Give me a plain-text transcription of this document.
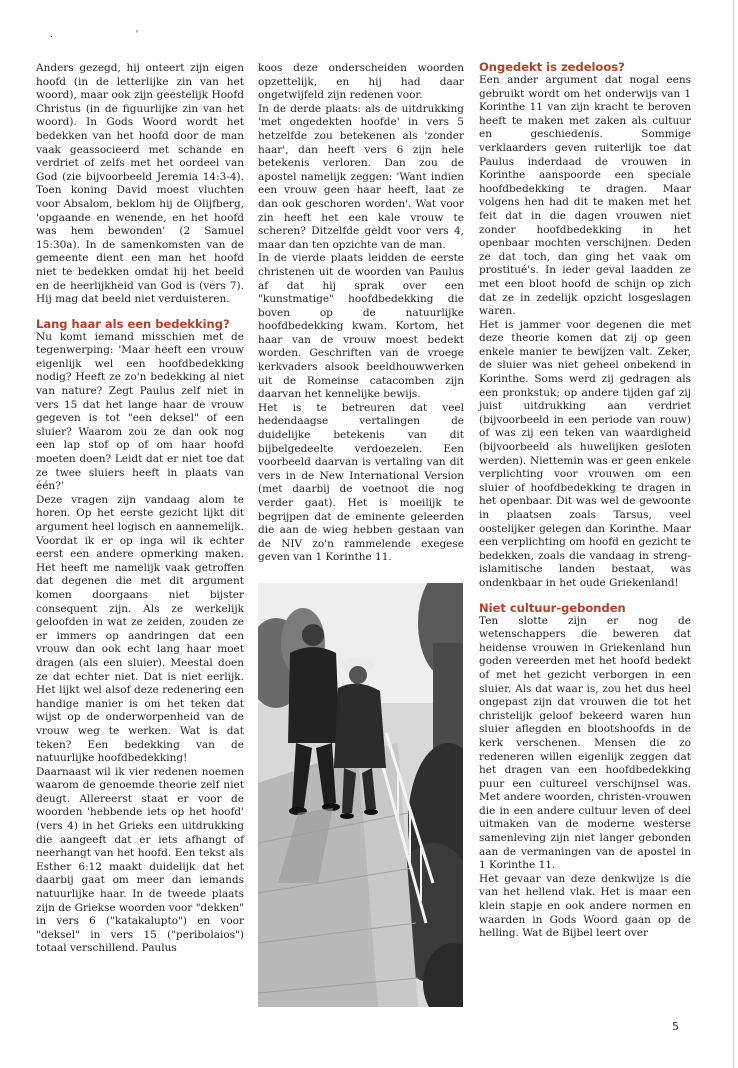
. '

Anders gezegd, hij onteert zijn eigen hoofd (in de letterlijke zin van het woord), maar ook zijn geestelijk Hoofd Christus (in de figuurlijke zin van het woord). In Gods Woord wordt het bedekken van het hoofd door de man vaak geassocieerd met schande en verdriet of zelfs met het oordeel van God (zie bijvoorbeeld Jeremia 14:3-4). Toen koning David moest vluchten voor Absalom, beklom hij de Olijfberg, 'opgaande en wenende, en het hoofd was hem bewonden' (2 Samuel 15:30a). In de samenkomsten van de gemeente dient een man het hoofd niet te bedekken omdat hij het beeld en de heerlijkheid van God is (vers 7). Hij mag dat beeld niet verduisteren.

Lang haar als een bedekking?

Nu komt iemand misschien met de tegenwerping: 'Maar heeft een vrouw eigenlijk wel een hoofdbedekking nodig? Heeft ze zo'n bedekking al niet van nature? Zegt Paulus zelf niet in vers 15 dat het lange haar de vrouw gegeven is tot "een deksel" of een sluier? Waarom zou ze dan ook nog een lap stof op of om haar hoofd moeten doen? Leidt dat er niet toe dat ze twee sluiers heeft in plaats van één?'

Deze vragen zijn vandaag alom te horen. Op het eerste gezicht lijkt dit argument heel logisch en aannemelijk. Voordat ik er op inga wil ik echter eerst een andere opmerking maken. Het heeft me namelijk vaak getroffen dat degenen die met dit argument komen doorgaans niet bijster consequent zijn. Als ze werkelijk geloofden in wat ze zeiden, zouden ze er immers op aandringen dat een vrouw dan ook echt lang haar moet dragen (als een sluier). Meestal doen ze dat echter niet. Dat is niet eerlijk. Het lijkt wel alsof deze redenering een handige manier is om het teken dat wijst op de onderworpenheid van de vrouw weg te werken. Wat is dat teken? Een bedekking van de natuurlijke hoofdbedekking!

Daarnaast wil ik vier redenen noemen waarom de genoemde theorie zelf niet deugt. Allereerst staat er voor de woorden 'hebbende iets op het hoofd' (vers 4) in het Grieks een uitdrukking die aangeeft dat er iets afhangt of neerhangt van het hoofd. Een tekst als Esther 6:12 maakt duidelijk dat het daarbij gaat om meer dan iemands natuurlijke haar. In de tweede plaats zijn de Griekse woorden voor "dekken" in vers 6 ("katakalupto") en voor "deksel" in vers 15 ("peribolaios") totaal verschillend. Paulus

koos deze onderscheiden woorden opzettelijk, en hij had daar ongetwijfeld zijn redenen voor.

In de derde plaats: als de uitdrukking 'met ongedekten hoofde' in vers 5 hetzelfde zou betekenen als 'zonder haar', dan heeft vers 6 zijn hele betekenis verloren. Dan zou de apostel namelijk zeggen: 'Want indien een vrouw geen haar heeft, laat ze dan ook geschoren worden'. Wat voor zin heeft het een kale vrouw te scheren? Ditzelfde geldt voor vers 4, maar dan ten opzichte van de man.

In de vierde plaats leidden de eerste christenen uit de woorden van Paulus af dat hij sprak over een "kunstmatige" hoofdbedekking die boven op de natuurlijke hoofdbedekking kwam. Kortom, het haar van de vrouw moest bedekt worden. Geschriften van de vroege kerkvaders alsook beeldhouwwerken uit de Romeinse catacomben zijn daarvan het kennelijke bewijs.

Het is te betreuren dat veel hedendaagse vertalingen de duidelijke betekenis van dit bijbelgedeelte verdoezelen. Een voorbeeld daarvan is vertaling van dit vers in de New International Version (met daarbij de voetnoot die nog verder gaat). Het is moeilijk te begrijpen dat de eminente geleerden die aan de wieg hebben gestaan van de NIV zo'n rammelende exegese geven van 1 Korinthe 11.

Ongedekt is zedeloos?

Een ander argument dat nogal eens gebruikt wordt om het onderwijs van 1 Korinthe 11 van zijn kracht te beroven heeft te maken met zaken als cultuur en geschiedenis. Sommige verklaarders geven ruiterlijk toe dat Paulus inderdaad de vrouwen in Korinthe aanspoorde een speciale hoofdbedekking te dragen. Maar volgens hen had dit te maken met het feit dat in die dagen vrouwen niet zonder hoofdbedekking in het openbaar mochten verschijnen. Deden ze dat toch, dan ging het vaak om prostitué's. In ieder geval laadden ze met een bloot hoofd de schijn op zich dat ze in zedelijk opzicht losgeslagen waren.

Het is jammer voor degenen die met deze theorie komen dat zij op geen enkele manier te bewijzen valt. Zeker, de sluier was niet geheel onbekend in Korinthe. Soms werd zij gedragen als een pronkstuk; op andere tijden gaf zij juist uitdrukking aan verdriet (bijvoorbeeld in een periode van rouw) of was zij een teken van waardigheid (bijvoorbeeld als huwelijken gesloten werden). Niettemin was er geen enkele verplichting voor vrouwen om een sluier of hoofdbedekking te dragen in het openbaar. Dit was wel de gewoonte in plaatsen zoals Tarsus, veel oostelijker gelegen dan Korinthe. Maar een verplichting om hoofd en gezicht te bedekken, zoals die vandaag in streng-islamitische landen bestaat, was ondenkbaar in het oude Griekenland!

Niet cultuur-gebonden

Ten slotte zijn er nog de wetenschappers die beweren dat heidense vrouwen in Griekenland hun goden vereerden met het hoofd bedekt of met het gezicht verborgen in een sluier. Als dat waar is, zou het dus heel ongepast zijn dat vrouwen die tot het christelijk geloof bekeerd waren hun sluier aflegden en blootshoofds in de kerk verschenen. Mensen die zo redeneren willen eigenlijk zeggen dat het dragen van een hoofdbedekking puur een cultureel verschijnsel was. Met andere woorden, christen-vrouwen die in een andere cultuur leven of deel uitmaken van de moderne westerse samenleving zijn niet langer gebonden aan de vermaningen van de apostel in 1 Korinthe 11.

Het gevaar van deze denkwijze is die van het hellend vlak. Het is maar een klein stapje en ook andere normen en waarden in Gods Woord gaan op de helling. Wat de Bijbel leert over

5
